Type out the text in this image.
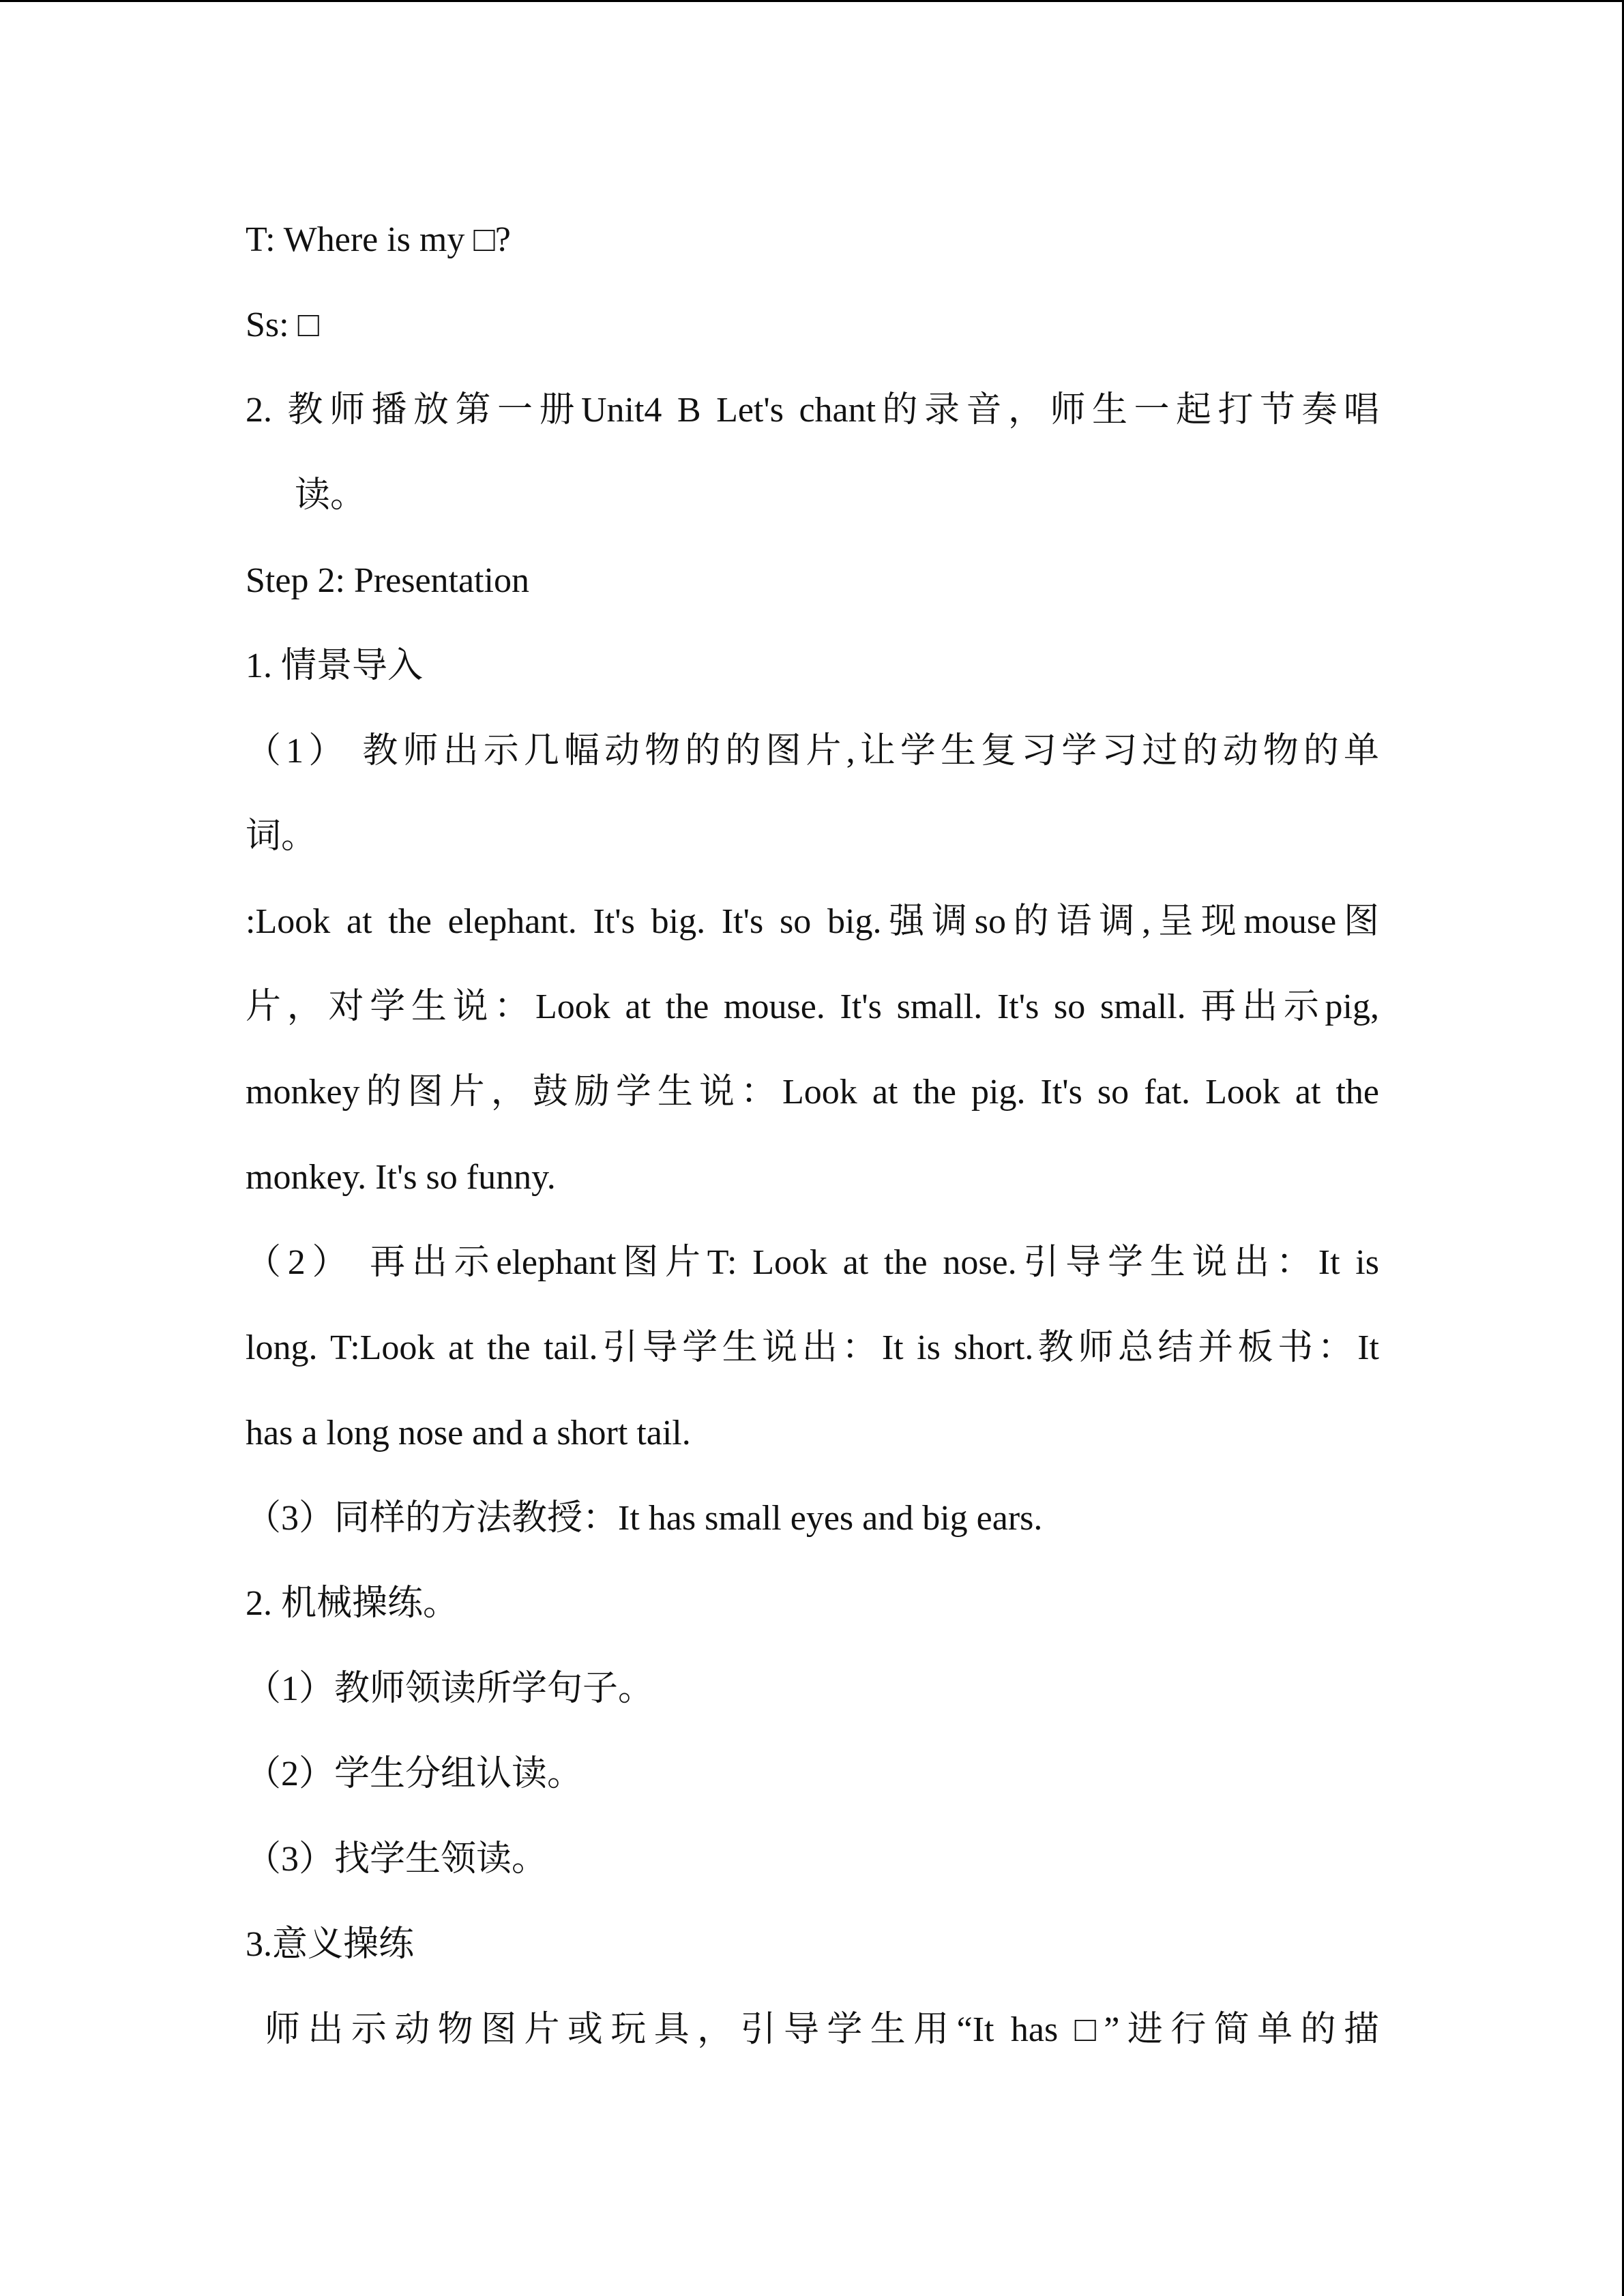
T: Where is my □?
Ss: □
2. 教师播放第一册Unit4 B Let's chant的录音，师生一起打节奏唱
读。
Step 2: Presentation
1. 情景导入
（1） 教师出示几幅动物的的图片,让学生复习学习过的动物的单
词。
:Look at the elephant. It's big. It's so big.强调so的语调,呈现mouse图
片，对学生说：Look at the mouse. It's small. It's so small. 再出示pig,
monkey的图片，鼓励学生说：Look at the pig. It's so fat. Look at the
monkey. It's so funny.
（2） 再出示elephant图片T: Look at the nose.引导学生说出：It is
long. T:Look at the tail.引导学生说出：It is short.教师总结并板书：It
has a long nose and a short tail.
（3）同样的方法教授：It has small eyes and big ears.
2. 机械操练。
（1）教师领读所学句子。
（2）学生分组认读。
（3）找学生领读。
3.意义操练
师出示动物图片或玩具，引导学生用“It has □”进行简单的描
